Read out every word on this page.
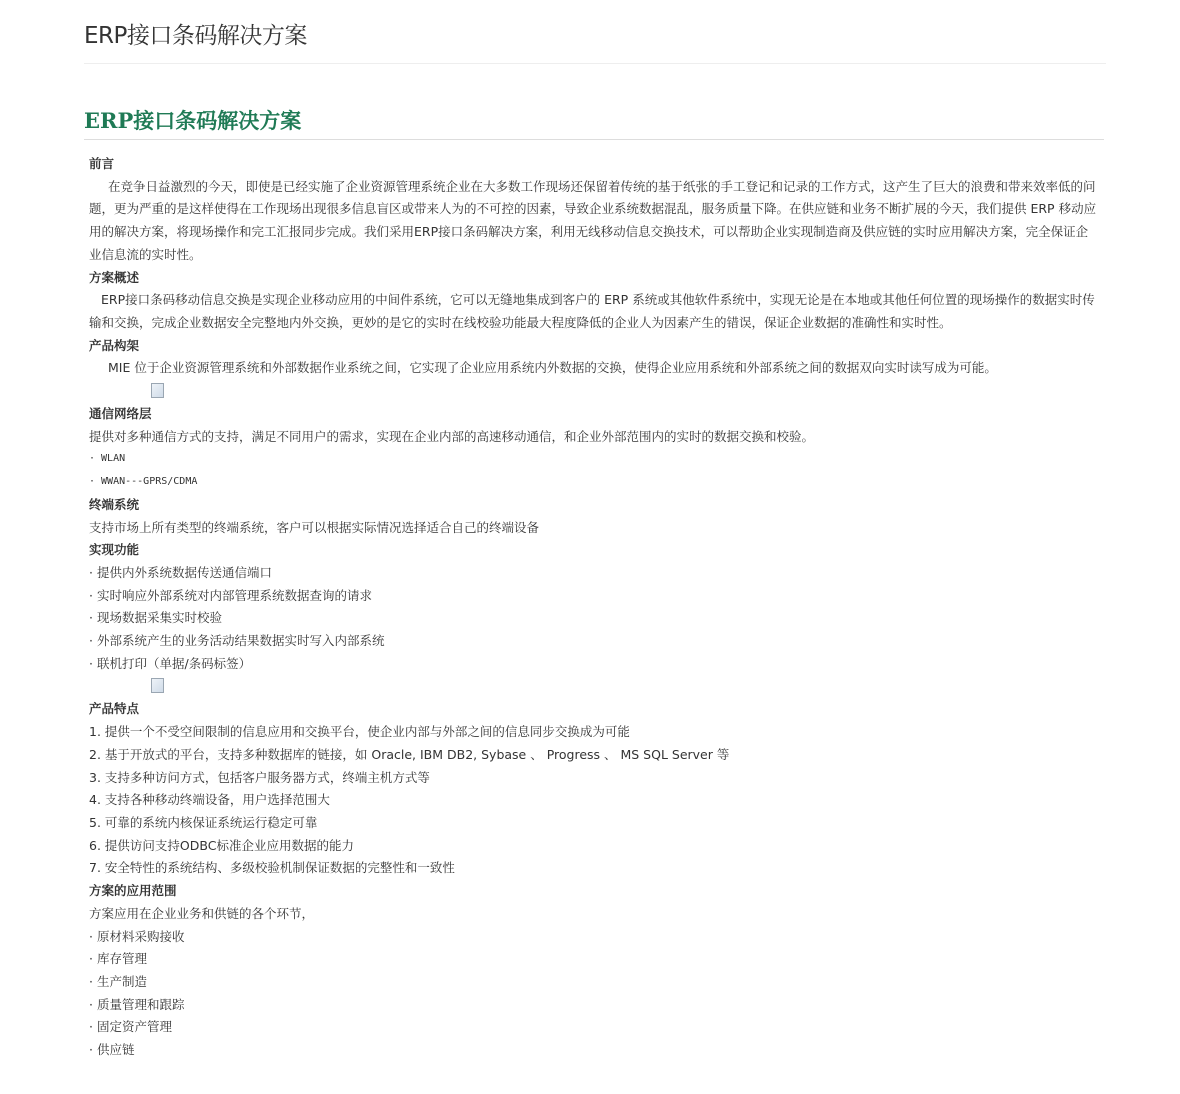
ERP接口条码解决方案
ERP接口条码解决方案

前言

在竞争日益激烈的今天，即使是已经实施了企业资源管理系统企业在大多数工作现场还保留着传统的基于纸张的手工登记和记录的工作方式，这产生了巨大的浪费和带来效率低的问题，更为严重的是这样使得在工作现场出现很多信息盲区或带来人为的不可控的因素，导致企业系统数据混乱，服务质量下降。在供应链和业务不断扩展的今天，我们提供 ERP 移动应用的解决方案，将现场操作和完工汇报同步完成。我们采用ERP接口条码解决方案，利用无线移动信息交换技术，可以帮助企业实现制造商及供应链的实时应用解决方案，完全保证企业信息流的实时性。

方案概述

ERP接口条码移动信息交换是实现企业移动应用的中间件系统，它可以无缝地集成到客户的 ERP 系统或其他软件系统中，实现无论是在本地或其他任何位置的现场操作的数据实时传输和交换，完成企业数据安全完整地内外交换，更妙的是它的实时在线校验功能最大程度降低的企业人为因素产生的错误，保证企业数据的准确性和实时性。

产品构架

MIE 位于企业资源管理系统和外部数据作业系统之间，它实现了企业应用系统内外数据的交换，使得企业应用系统和外部系统之间的数据双向实时读写成为可能。

通信网络层

提供对多种通信方式的支持，满足不同用户的需求，实现在企业内部的高速移动通信，和企业外部范围内的实时的数据交换和校验。

· WLAN

· WWAN---GPRS/CDMA

终端系统

支持市场上所有类型的终端系统，客户可以根据实际情况选择适合自己的终端设备

实现功能

· 提供内外系统数据传送通信端口

· 实时响应外部系统对内部管理系统数据查询的请求

· 现场数据采集实时校验

· 外部系统产生的业务活动结果数据实时写入内部系统

· 联机打印（单据/条码标签）

产品特点

1. 提供一个不受空间限制的信息应用和交换平台，使企业内部与外部之间的信息同步交换成为可能

2. 基于开放式的平台，支持多种数据库的链接，如 Oracle, IBM DB2, Sybase 、 Progress 、 MS SQL Server 等

3. 支持多种访问方式，包括客户服务器方式，终端主机方式等

4. 支持各种移动终端设备，用户选择范围大

5. 可靠的系统内核保证系统运行稳定可靠

6. 提供访问支持ODBC标准企业应用数据的能力

7. 安全特性的系统结构、多级校验机制保证数据的完整性和一致性

方案的应用范围

方案应用在企业业务和供链的各个环节，

· 原材料采购接收

· 库存管理

· 生产制造

· 质量管理和跟踪

· 固定资产管理

· 供应链
